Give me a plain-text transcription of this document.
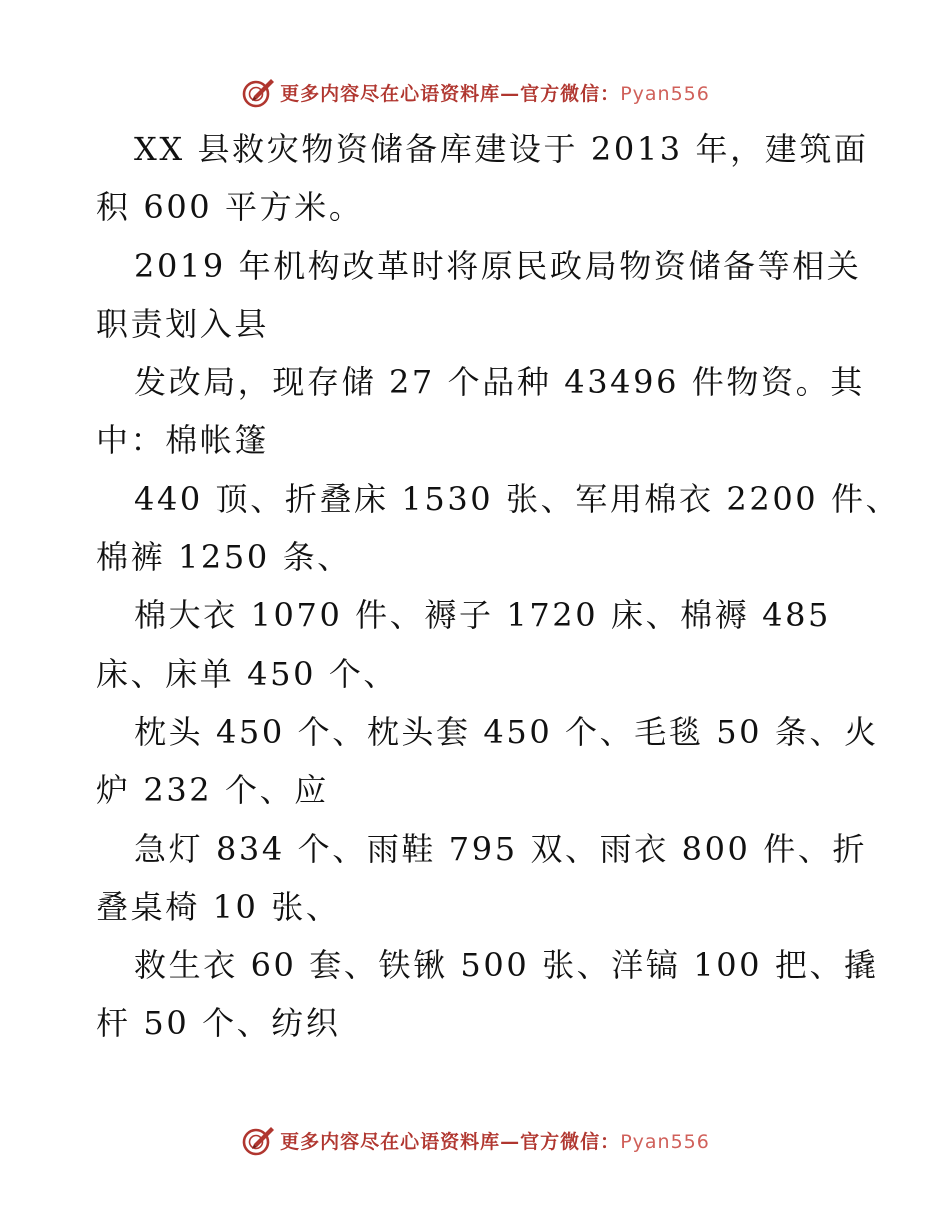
更多内容尽在心语资料库—官方微信：Pyan556
XX 县救灾物资储备库建设于 2013 年，建筑面
积 600 平方米。
2019 年机构改革时将原民政局物资储备等相关
职责划入县
发改局，现存储 27 个品种 43496 件物资。其
中：棉帐篷
440 顶、折叠床 1530 张、军用棉衣 2200 件、
棉裤 1250 条、
棉大衣 1070 件、褥子 1720 床、棉褥 485
床、床单 450 个、
枕头 450 个、枕头套 450 个、毛毯 50 条、火
炉 232 个、应
急灯 834 个、雨鞋 795 双、雨衣 800 件、折
叠桌椅 10 张、
救生衣 60 套、铁锹 500 张、洋镐 100 把、撬
杆 50 个、纺织
更多内容尽在心语资料库—官方微信：Pyan556
